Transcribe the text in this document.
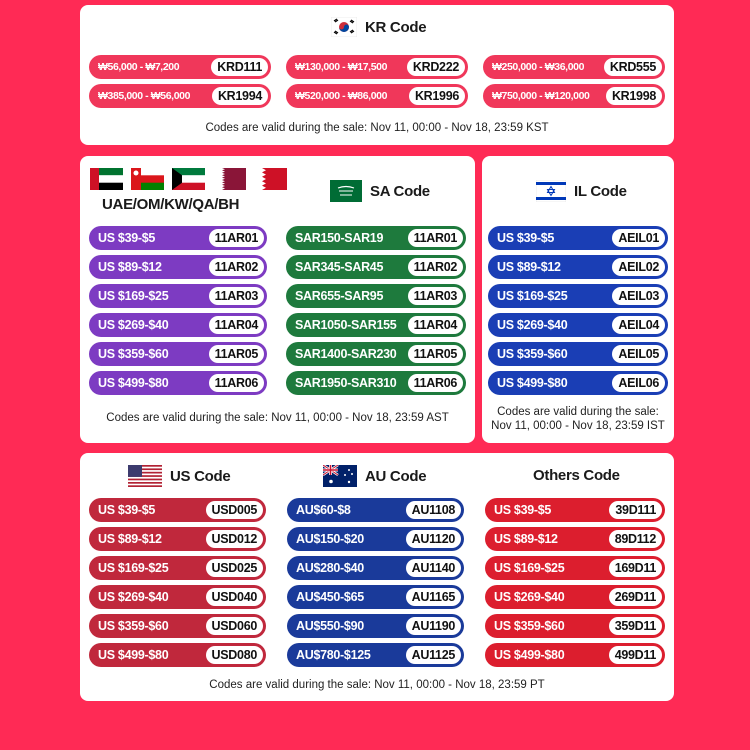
KR Code
₩56,000 - ₩7,200	KRD111	₩130,000 - ₩17,500	KRD222	₩250,000 - ₩36,000	KRD555
₩385,000 - ₩56,000	KR1994	₩520,000 - ₩86,000	KR1996	₩750,000 - ₩120,000	KR1998
Codes are valid during the sale: Nov 11, 00:00 - Nov 18, 23:59 KST
UAE/OM/KW/QA/BH
SA Code
US $39-$5	11AR01
US $89-$12	11AR02
US $169-$25	11AR03
US $269-$40	11AR04
US $359-$60	11AR05
US $499-$80	11AR06
SAR150-SAR19	11AR01
SAR345-SAR45	11AR02
SAR655-SAR95	11AR03
SAR1050-SAR155	11AR04
SAR1400-SAR230	11AR05
SAR1950-SAR310	11AR06
Codes are valid during the sale: Nov 11, 00:00 - Nov 18, 23:59 AST
IL Code
US $39-$5	AEIL01
US $89-$12	AEIL02
US $169-$25	AEIL03
US $269-$40	AEIL04
US $359-$60	AEIL05
US $499-$80	AEIL06
Codes are valid during the sale:
Nov 11, 00:00 - Nov 18, 23:59 IST
US Code	AU Code	Others Code
US $39-$5	USD005
US $89-$12	USD012
US $169-$25	USD025
US $269-$40	USD040
US $359-$60	USD060
US $499-$80	USD080
AU$60-$8	AU1108
AU$150-$20	AU1120
AU$280-$40	AU1140
AU$450-$65	AU1165
AU$550-$90	AU1190
AU$780-$125	AU1125
US $39-$5	39D111
US $89-$12	89D112
US $169-$25	169D11
US $269-$40	269D11
US $359-$60	359D11
US $499-$80	499D11
Codes are valid during the sale: Nov 11, 00:00 - Nov 18, 23:59 PT
